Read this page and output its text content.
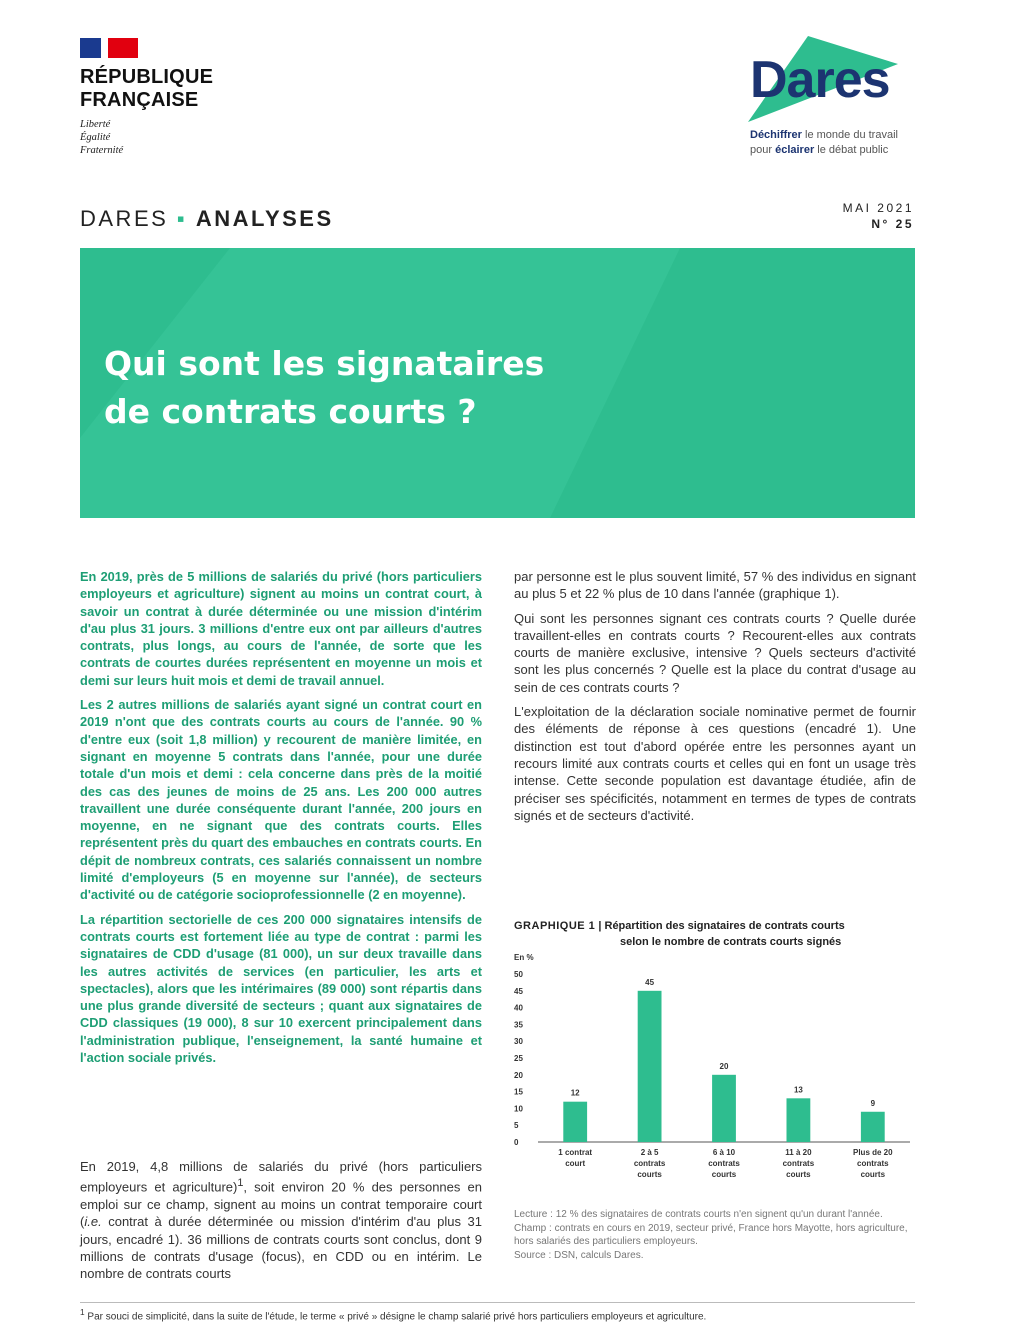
RÉPUBLIQUE
FRANÇAISE
Liberté
Égalité
Fraternité
Dares
Déchiffrer le monde du travail
pour éclairer le débat public
DARES ▪ ANALYSES	MAI 2021
N° 25
Qui sont les signataires
de contrats courts ?

En 2019, près de 5 millions de salariés du privé (hors particuliers employeurs et agriculture) signent au moins un contrat court, à savoir un contrat à durée déterminée ou une mission d'intérim d'au plus 31 jours. 3 millions d'entre eux ont par ailleurs d'autres contrats, plus longs, au cours de l'année, de sorte que les contrats de courtes durées représentent en moyenne un mois et demi sur leurs huit mois et demi de travail annuel.

Les 2 autres millions de salariés ayant signé un contrat court en 2019 n'ont que des contrats courts au cours de l'année. 90 % d'entre eux (soit 1,8 million) y recourent de manière limitée, en signant en moyenne 5 contrats dans l'année, pour une durée totale d'un mois et demi : cela concerne dans près de la moitié des cas des jeunes de moins de 25 ans. Les 200 000 autres travaillent une durée conséquente durant l'année, 200 jours en moyenne, en ne signant que des contrats courts. Elles représentent près du quart des embauches en contrats courts. En dépit de nombreux contrats, ces salariés connaissent un nombre limité d'employeurs (5 en moyenne sur l'année), de secteurs d'activité ou de catégorie socioprofessionnelle (2 en moyenne).

La répartition sectorielle de ces 200 000 signataires intensifs de contrats courts est fortement liée au type de contrat : parmi les signataires de CDD d'usage (81 000), un sur deux travaille dans les autres activités de services (en particulier, les arts et spectacles), alors que les intérimaires (89 000) sont répartis dans une plus grande diversité de secteurs ; quant aux signataires de CDD classiques (19 000), 8 sur 10 exercent principalement dans l'administration publique, l'enseignement, la santé humaine et l'action sociale privés.

En 2019, 4,8 millions de salariés du privé (hors particuliers employeurs et agriculture)$^1$, soit environ 20 % des personnes en emploi sur ce champ, signent au moins un contrat temporaire court (i.e. contrat à durée déterminée ou mission d'intérim d'au plus 31 jours, encadré 1). 36 millions de contrats courts sont conclus, dont 9 millions de contrats d'usage (focus), en CDD ou en intérim. Le nombre de contrats courts

par personne est le plus souvent limité, 57 % des individus en signant au plus 5 et 22 % plus de 10 dans l'année (graphique 1).

Qui sont les personnes signant ces contrats courts ? Quelle durée travaillent-elles en contrats courts ? Recourent-elles aux contrats courts de manière exclusive, intensive ? Quels secteurs d'activité sont les plus concernés ? Quelle est la place du contrat d'usage au sein de ces contrats courts ?

L'exploitation de la déclaration sociale nominative permet de fournir des éléments de réponse à ces questions (encadré 1). Une distinction est tout d'abord opérée entre les personnes ayant un recours limité aux contrats courts et celles qui en font un usage très intense. Cette seconde population est davantage étudiée, afin de préciser ses spécificités, notamment en termes de types de contrats signés et de secteurs d'activité.

GRAPHIQUE 1 | Répartition des signataires de contrats courts
selon le nombre de contrats courts signés
En %
0
5
10
15
20
25
30
35
40
45
50
12
1 contrat
court
45
2 à 5
contrats
courts
20
6 à 10
contrats
courts
13
11 à 20
contrats
courts
9
Plus de 20
contrats
courts

Lecture : 12 % des signataires de contrats courts n'en signent qu'un durant l'année.

Champ : contrats en cours en 2019, secteur privé, France hors Mayotte, hors agriculture, hors salariés des particuliers employeurs.

Source : DSN, calculs Dares.

$^1$ Par souci de simplicité, dans la suite de l'étude, le terme « privé » désigne le champ salarié privé hors particuliers employeurs et agriculture.
